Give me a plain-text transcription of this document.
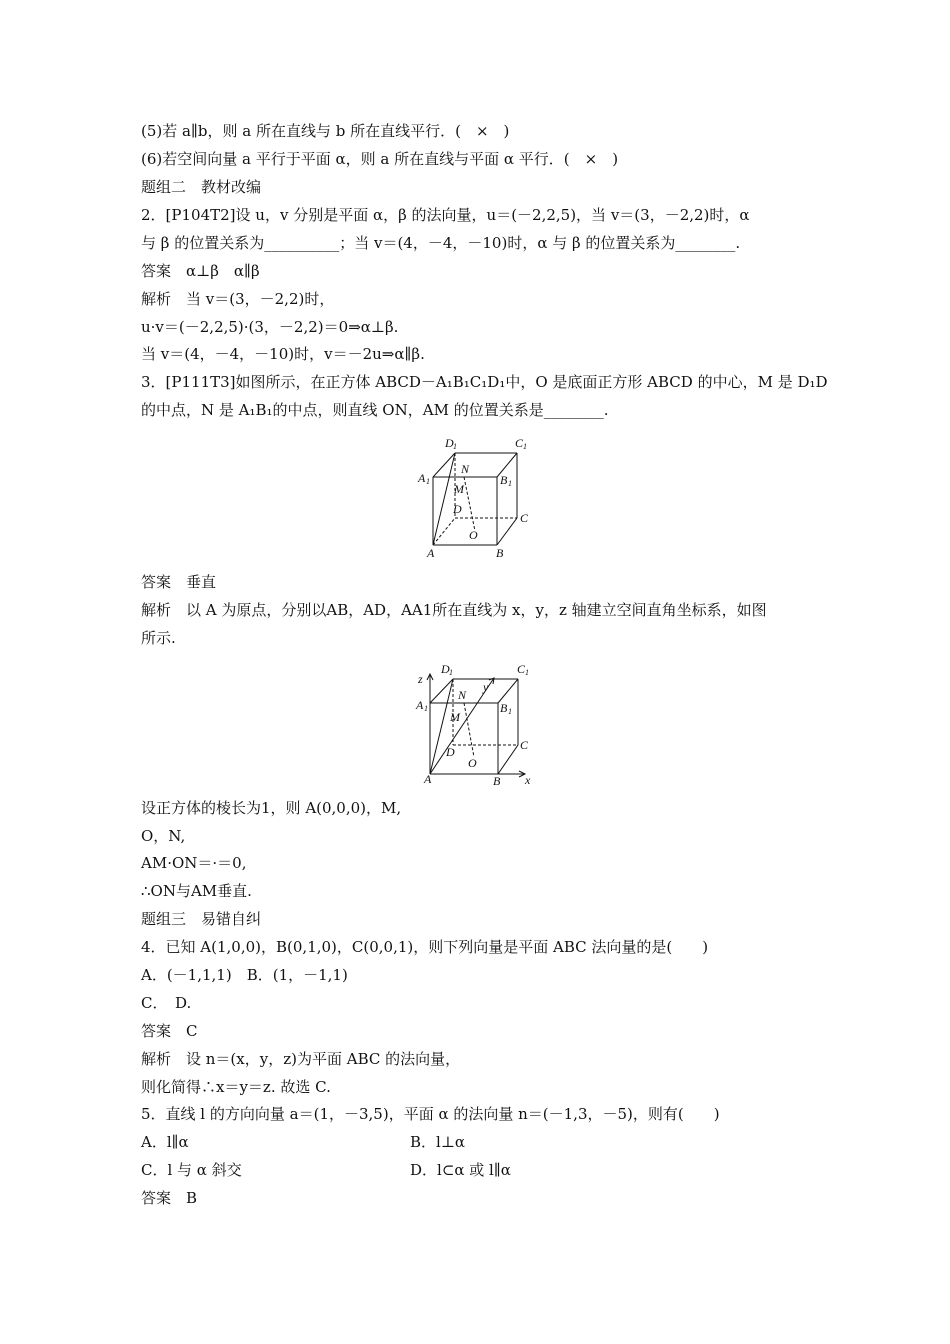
(5)若 a∥b，则 a 所在直线与 b 所在直线平行．(　×　)
(6)若空间向量 a 平行于平面 α，则 a 所在直线与平面 α 平行．(　×　)
题组二　教材改编
2．[P104T2]设 u，v 分别是平面 α，β 的法向量，u＝(－2,2,5)，当 v＝(3，－2,2)时，α
与 β 的位置关系为__________；当 v＝(4，－4，－10)时，α 与 β 的位置关系为________.
答案　α⊥β　α∥β
解析　当 v＝(3，－2,2)时，
u·v＝(－2,2,5)·(3，－2,2)＝0⇒α⊥β.
当 v＝(4，－4，－10)时，v＝－2u⇒α∥β.
3．[P111T3]如图所示，在正方体 ABCD－A₁B₁C₁D₁中，O 是底面正方形 ABCD 的中心，M 是 D₁D
的中点，N 是 A₁B₁的中点，则直线 ON，AM 的位置关系是________.
D 1	C 1
N
A 1
M
B 1
D
C
O
A	B
答案　垂直
解析　以 A 为原点，分别以AB，AD，AA1所在直线为 x，y，z 轴建立空间直角坐标系，如图
所示.
D 1	C 1
z
N
y
A 1
M
B 1
D	C
O
A	B x
设正方体的棱长为1，则 A(0,0,0)，M,
O，N,
AM·ON＝·＝0,
∴ON与AM垂直.
题组三　易错自纠
4．已知 A(1,0,0)，B(0,1,0)，C(0,0,1)，则下列向量是平面 ABC 法向量的是(　　)
A．(－1,1,1)　B．(1，－1,1)
C．　D.
答案　C
解析　设 n＝(x，y，z)为平面 ABC 的法向量，
则化简得∴x＝y＝z. 故选 C.
5．直线 l 的方向向量 a＝(1，－3,5)，平面 α 的法向量 n＝(－1,3，－5)，则有(　　)
A．l∥α	B．l⊥α
C．l 与 α 斜交	D．l⊂α 或 l∥α
答案　B
